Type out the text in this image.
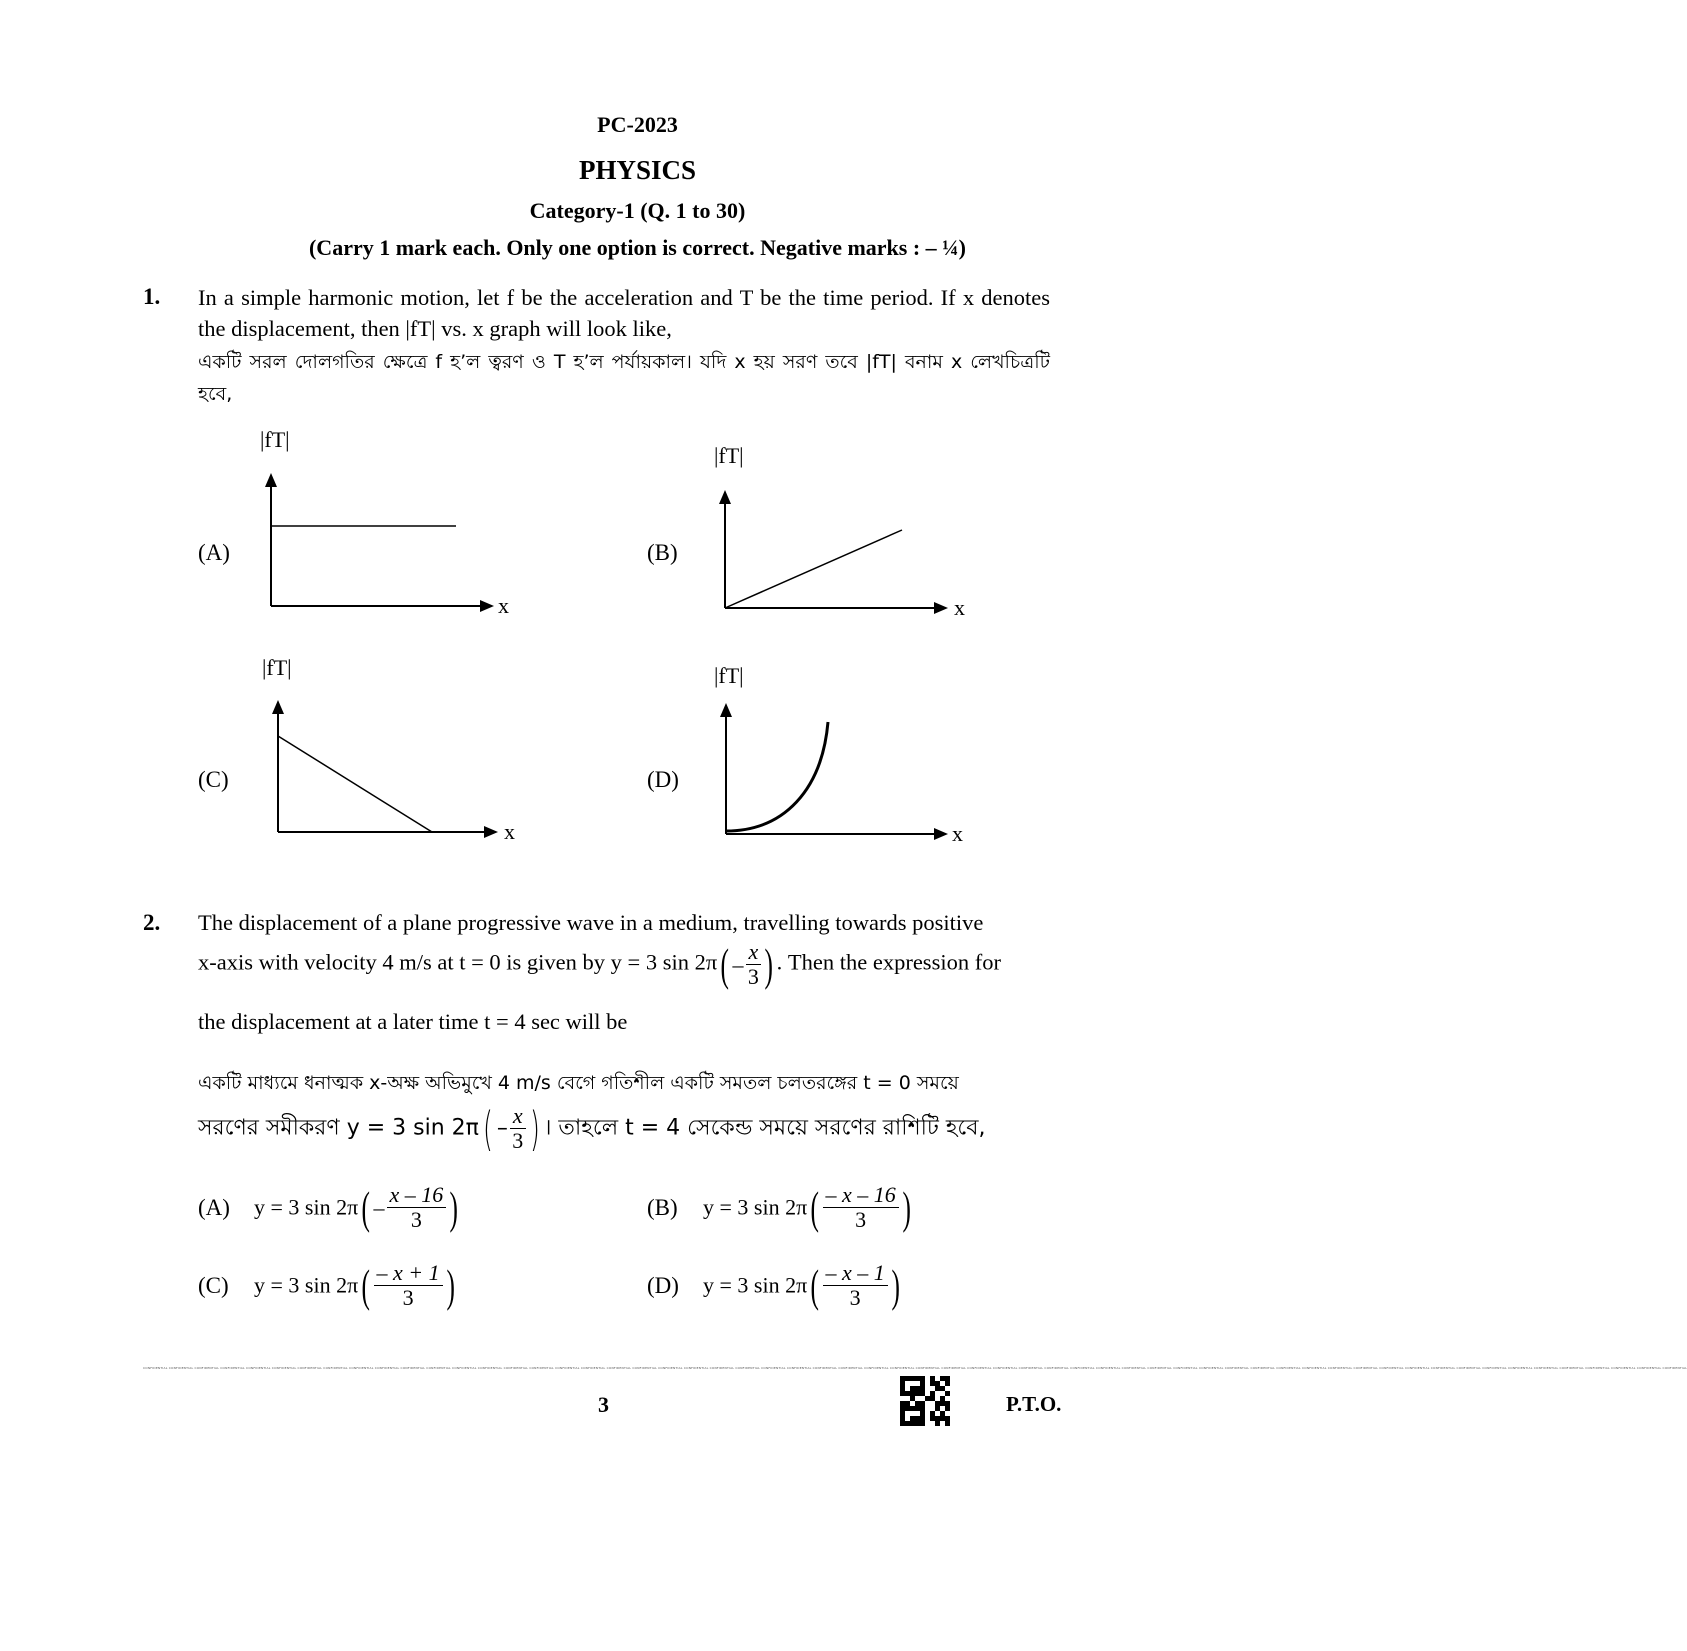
PC-2023
PHYSICS
Category-1 (Q. 1 to 30)
(Carry 1 mark each. Only one option is correct. Negative marks : – ¼)
1. In a simple harmonic motion, let f be the acceleration and T be the time period. If x denotes the displacement, then |fT| vs. x graph will look like,
একটি সরল দোলগতির ক্ষেত্রে f হ’ল ত্বরণ ও T হ’ল পর্যায়কাল। যদি x হয় সরণ তবে |fT| বনাম x লেখচিত্রটি হবে,
(A)	(B)
(C)	(D)
|fT|
x
|fT|
x
|fT|
x
|fT|
x
2. The displacement of a plane progressive wave in a medium, travelling towards positive
x-axis with velocity 4 m/s at t = 0 is given by y = 3 $\sin 2\pi( - \frac{x}{3}$ ) . Then the expression for
the displacement at a later time t = 4 sec will be
একটি মাধ্যমে ধনাত্মক x-অক্ষ অভিমুখে 4 m/s বেগে গতিশীল একটি সমতল চলতরঙ্গের t = 0 সময়ে
সরণের সমীকরণ y = 3 $\sin 2\pi( - \frac{x}{3}$ ) । তাহলে t = 4 সেকেন্ড সময়ে সরণের রাশিটি হবে,
(A) y = 3 $\sin 2\pi( - \frac{x - 16}{3}$ )	(B) y = 3 $\sin 2\pi( \frac{- x - 16}{3}$ )
(C) y = 3 $\sin 2\pi( \frac{- x + 1}{3}$ )	(D) y = 3 $\sin 2\pi( \frac{- x - 1}{3}$ )
CONFIDENTIAL CONFIDENTIAL CONFIDENTIAL CONFIDENTIAL CONFIDENTIAL CONFIDENTIAL CONFIDENTIAL CONFIDENTIAL CONFIDENTIAL CONFIDENTIAL CONFIDENTIAL CONFIDENTIAL CONFIDENTIAL CONFIDENTIAL CONFIDENTIAL CONFIDENTIAL CONFIDENTIAL CONFIDENTIAL CONFIDENTIAL CONFIDENTIAL CONFIDENTIAL CONFIDENTIAL CONFIDENTIAL CONFIDENTIAL CONFIDENTIAL CONFIDENTIAL CONFIDENTIAL CONFIDENTIAL CONFIDENTIAL CONFIDENTIAL CONFIDENTIAL CONFIDENTIAL CONFIDENTIAL CONFIDENTIAL CONFIDENTIAL CONFIDENTIAL CONFIDENTIAL CONFIDENTIAL CONFIDENTIAL CONFIDENTIAL CONFIDENTIAL CONFIDENTIAL CONFIDENTIAL CONFIDENTIAL CONFIDENTIAL CONFIDENTIAL CONFIDENTIAL CONFIDENTIAL CONFIDENTIAL CONFIDENTIAL CONFIDENTIAL CONFIDENTIAL CONFIDENTIAL CONFIDENTIAL CONFIDENTIAL CONFIDENTIAL CONFIDENTIAL CONFIDENTIAL CONFIDENTIAL CONFIDENTIAL
3	P.T.O.
